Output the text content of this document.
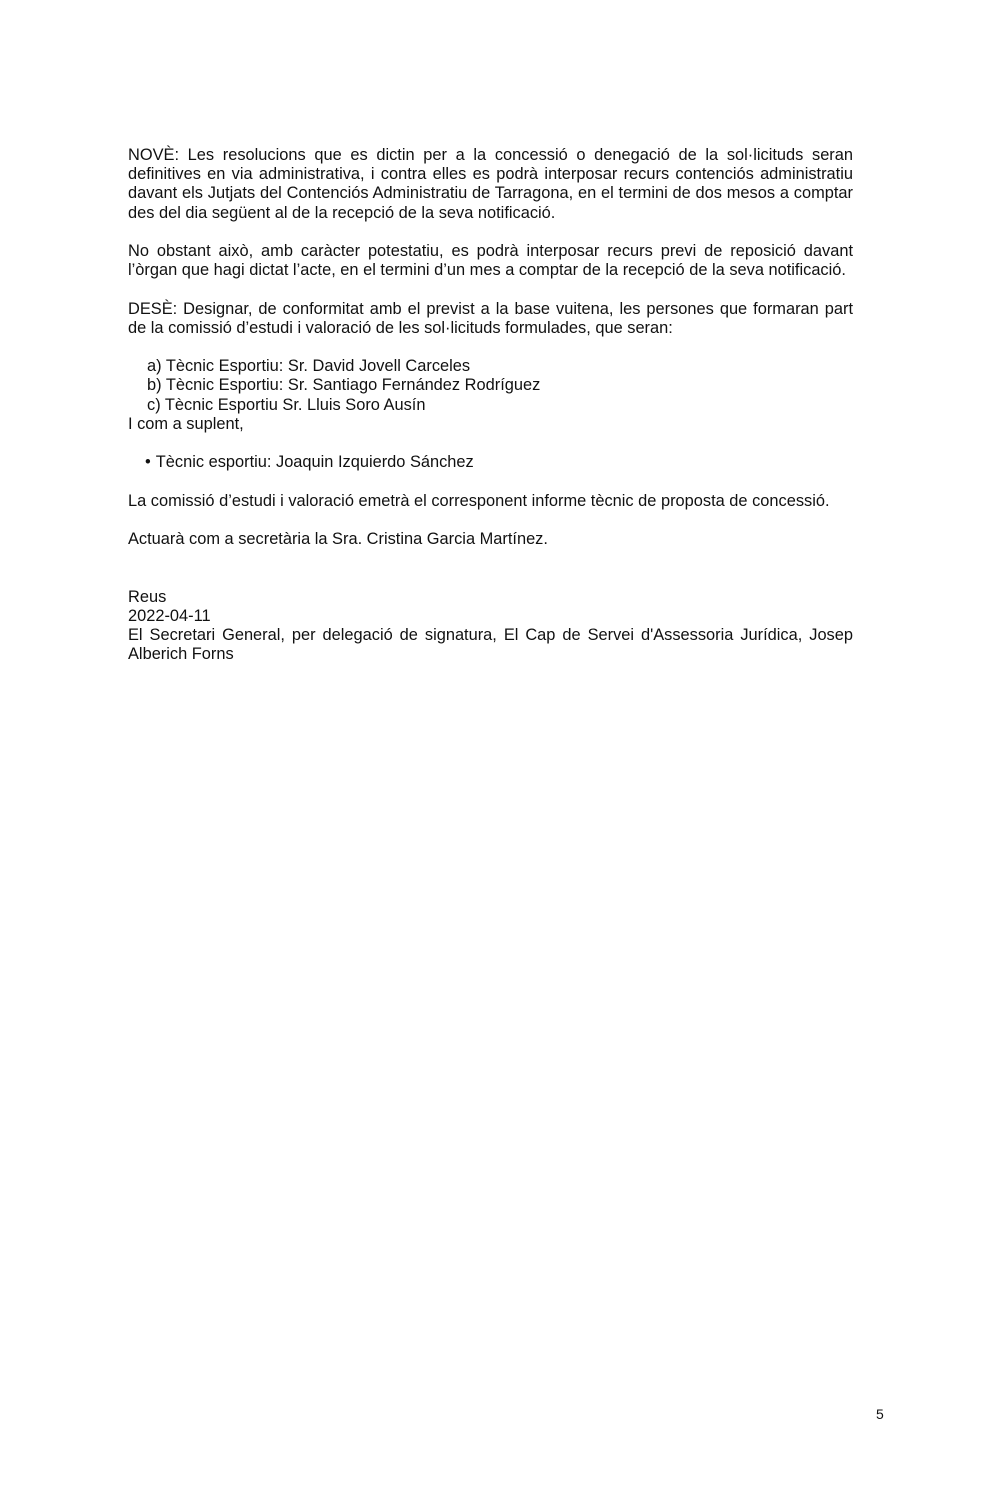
NOVÈ: Les resolucions que es dictin per a la concessió o denegació de la sol·licituds seran definitives en via administrativa, i contra elles es podrà interposar recurs contenciós administratiu davant els Jutjats del Contenciós Administratiu de Tarragona, en el termini de dos mesos a comptar des del dia següent al de la recepció de la seva notificació.

No obstant això, amb caràcter potestatiu, es podrà interposar recurs previ de reposició davant l’òrgan que hagi dictat l’acte, en el termini d’un mes a comptar de la recepció de la seva notificació.

DESÈ: Designar, de conformitat amb el previst a la base vuitena, les persones que formaran part de la comissió d’estudi i valoració de les sol·licituds formulades, que seran:

a) Tècnic Esportiu: Sr. David Jovell Carceles
b) Tècnic Esportiu: Sr. Santiago Fernández Rodríguez
c) Tècnic Esportiu Sr. Lluis Soro Ausín

I com a suplent,

• Tècnic esportiu: Joaquin Izquierdo Sánchez

La comissió d’estudi i valoració emetrà el corresponent informe tècnic de proposta de concessió.

Actuarà com a secretària la Sra. Cristina Garcia Martínez.

Reus

2022-04-11

El Secretari General, per delegació de signatura, El Cap de Servei d'Assessoria Jurídica, Josep Alberich Forns

5
